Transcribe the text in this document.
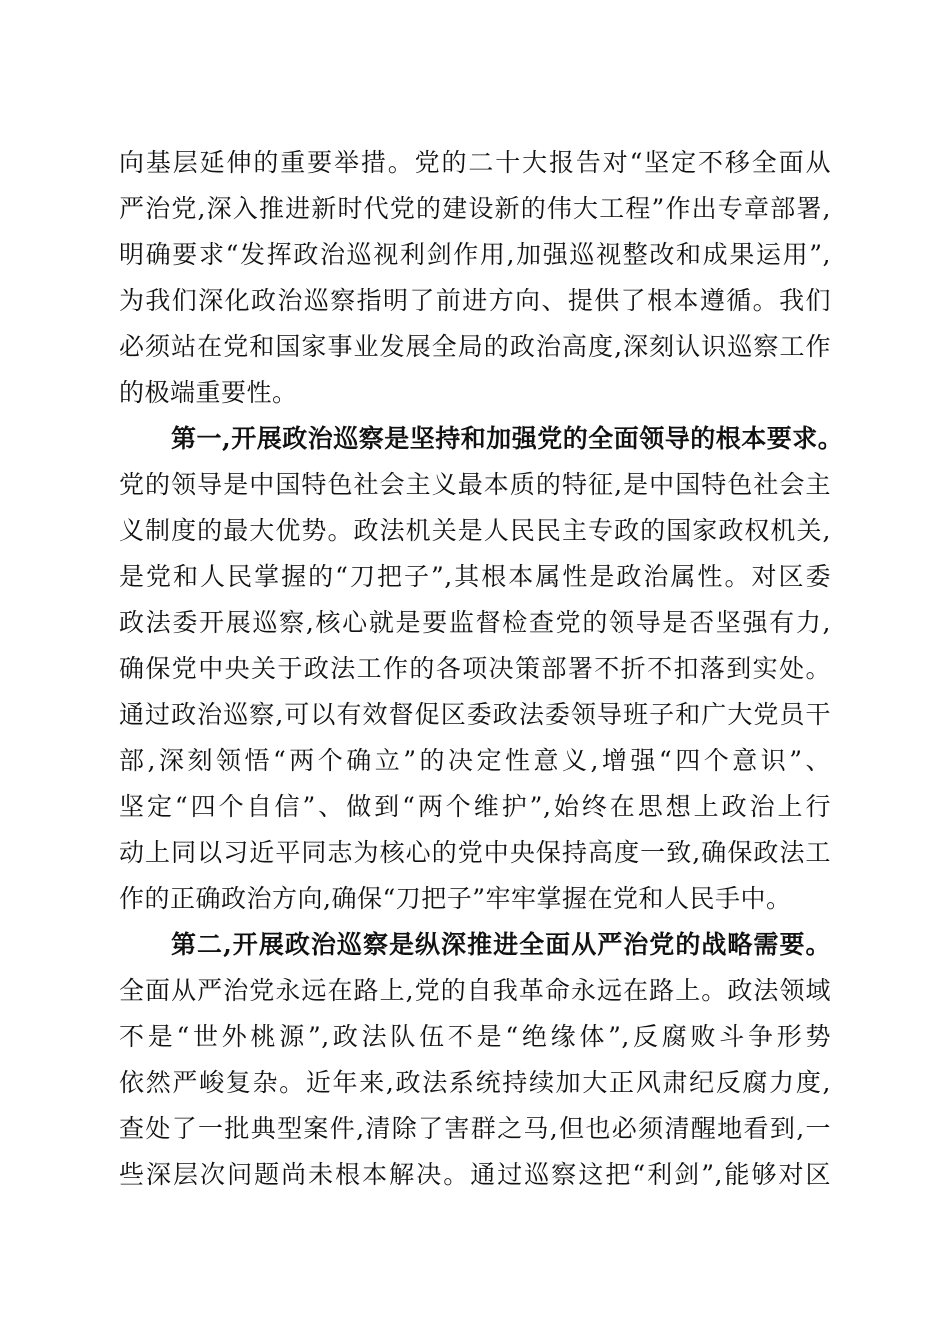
向基层延伸的重要举措。党的二十大报告对“坚定不移全面从
严治党,深入推进新时代党的建设新的伟大工程”作出专章部署,
明确要求“发挥政治巡视利剑作用,加强巡视整改和成果运用”,
为我们深化政治巡察指明了前进方向、提供了根本遵循。我们
必须站在党和国家事业发展全局的政治高度,深刻认识巡察工作
的极端重要性。
第一,开展政治巡察是坚持和加强党的全面领导的根本要求。
党的领导是中国特色社会主义最本质的特征,是中国特色社会主
义制度的最大优势。政法机关是人民民主专政的国家政权机关,
是党和人民掌握的“刀把子”,其根本属性是政治属性。对区委
政法委开展巡察,核心就是要监督检查党的领导是否坚强有力,
确保党中央关于政法工作的各项决策部署不折不扣落到实处。
通过政治巡察,可以有效督促区委政法委领导班子和广大党员干
部,深刻领悟“两个确立”的决定性意义,增强“四个意识”、
坚定“四个自信”、做到“两个维护”,始终在思想上政治上行
动上同以习近平同志为核心的党中央保持高度一致,确保政法工
作的正确政治方向,确保“刀把子”牢牢掌握在党和人民手中。
第二,开展政治巡察是纵深推进全面从严治党的战略需要。
全面从严治党永远在路上,党的自我革命永远在路上。政法领域
不是“世外桃源”,政法队伍不是“绝缘体”,反腐败斗争形势
依然严峻复杂。近年来,政法系统持续加大正风肃纪反腐力度,
查处了一批典型案件,清除了害群之马,但也必须清醒地看到,一
些深层次问题尚未根本解决。通过巡察这把“利剑”,能够对区
